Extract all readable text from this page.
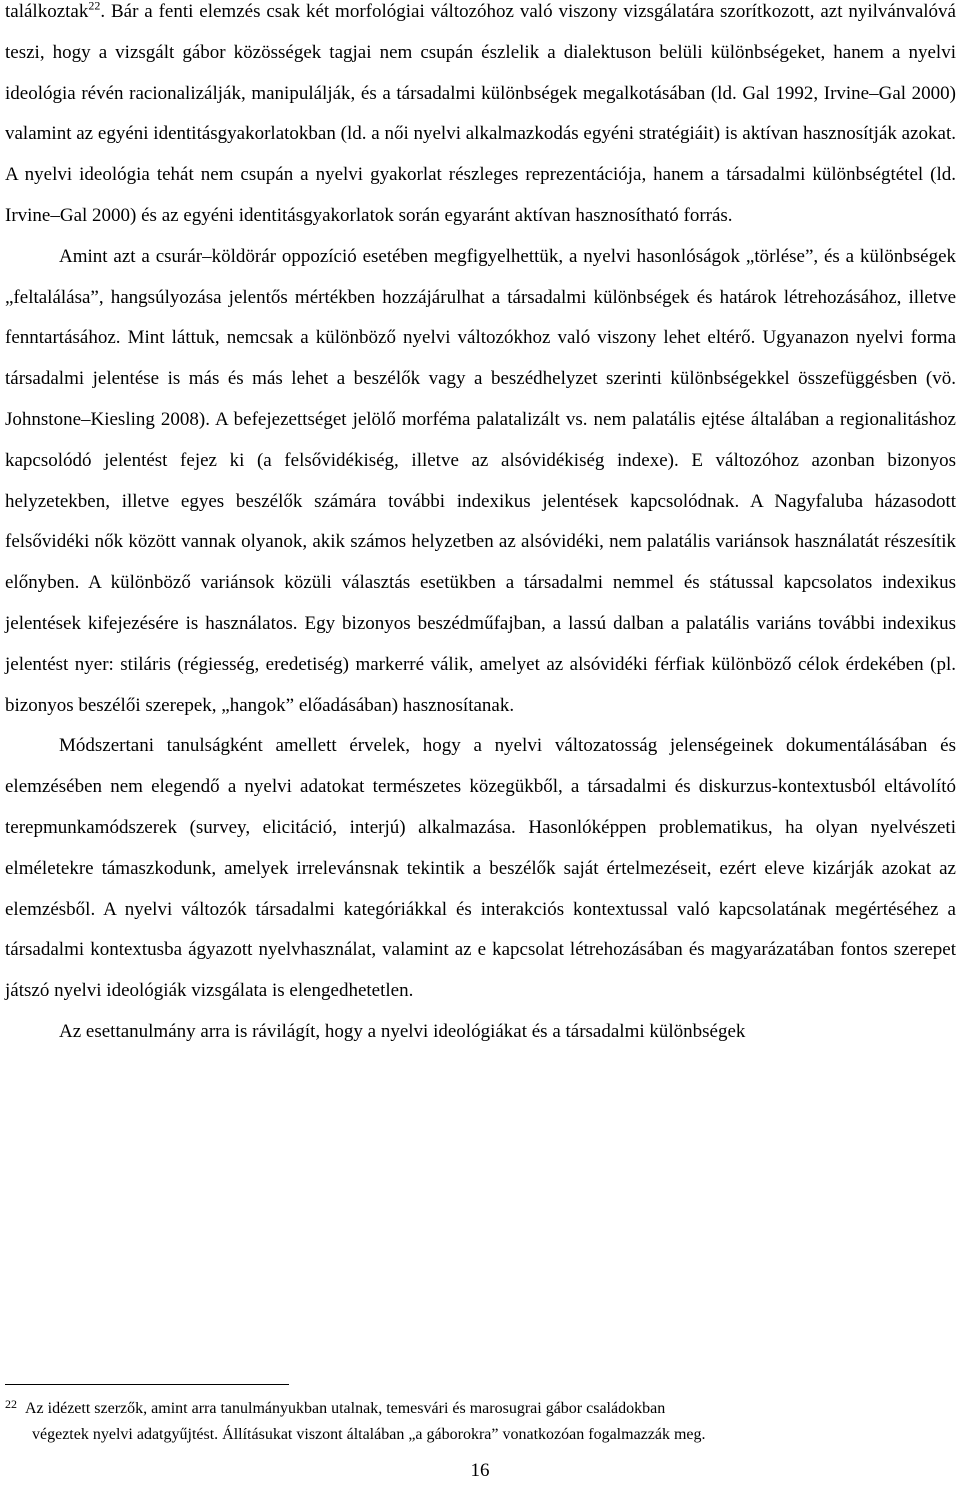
találkoztak$^{22}$. Bár a fenti elemzés csak két morfológiai változóhoz való viszony vizsgálatára szorítkozott, azt nyilvánvalóvá teszi, hogy a vizsgált gábor közösségek tagjai nem csupán észlelik a dialektuson belüli különbségeket, hanem a nyelvi ideológia révén racionalizálják, manipulálják, és a társadalmi különbségek megalkotásában (ld. Gal 1992, Irvine–Gal 2000) valamint az egyéni identitásgyakorlatokban (ld. a női nyelvi alkalmazkodás egyéni stratégiáit) is aktívan hasznosítják azokat. A nyelvi ideológia tehát nem csupán a nyelvi gyakorlat részleges reprezentációja, hanem a társadalmi különbségtétel (ld. Irvine–Gal 2000) és az egyéni identitásgyakorlatok során egyaránt aktívan hasznosítható forrás.

Amint azt a csurár–köldörár oppozíció esetében megfigyelhettük, a nyelvi hasonlóságok „törlése”, és a különbségek „feltalálása”, hangsúlyozása jelentős mértékben hozzájárulhat a társadalmi különbségek és határok létrehozásához, illetve fenntartásához. Mint láttuk, nemcsak a különböző nyelvi változókhoz való viszony lehet eltérő. Ugyanazon nyelvi forma társadalmi jelentése is más és más lehet a beszélők vagy a beszédhelyzet szerinti különbségekkel összefüggésben (vö. Johnstone–Kiesling 2008). A befejezettséget jelölő morféma palatalizált vs. nem palatális ejtése általában a regionalitáshoz kapcsolódó jelentést fejez ki (a felsővidékiség, illetve az alsóvidékiség indexe). E változóhoz azonban bizonyos helyzetekben, illetve egyes beszélők számára további indexikus jelentések kapcsolódnak. A Nagyfaluba házasodott felsővidéki nők között vannak olyanok, akik számos helyzetben az alsóvidéki, nem palatális variánsok használatát részesítik előnyben. A különböző variánsok közüli választás esetükben a társadalmi nemmel és státussal kapcsolatos indexikus jelentések kifejezésére is használatos. Egy bizonyos beszédműfajban, a lassú dalban a palatális variáns további indexikus jelentést nyer: stiláris (régiesség, eredetiség) markerré válik, amelyet az alsóvidéki férfiak különböző célok érdekében (pl. bizonyos beszélői szerepek, „hangok” előadásában) hasznosítanak.

Módszertani tanulságként amellett érvelek, hogy a nyelvi változatosság jelenségeinek dokumentálásában és elemzésében nem elegendő a nyelvi adatokat természetes közegükből, a társadalmi és diskurzus-kontextusból eltávolító terepmunkamódszerek (survey, elicitáció, interjú) alkalmazása. Hasonlóképpen problematikus, ha olyan nyelvészeti elméletekre támaszkodunk, amelyek irrelevánsnak tekintik a beszélők saját értelmezéseit, ezért eleve kizárják azokat az elemzésből. A nyelvi változók társadalmi kategóriákkal és interakciós kontextussal való kapcsolatának megértéséhez a társadalmi kontextusba ágyazott nyelvhasználat, valamint az e kapcsolat létrehozásában és magyarázatában fontos szerepet játszó nyelvi ideológiák vizsgálata is elengedhetetlen.

Az esettanulmány arra is rávilágít, hogy a nyelvi ideológiákat és a társadalmi különbségek

22 Az idézett szerzők, amint arra tanulmányukban utalnak, temesvári és marosugrai gábor családokban
végeztek nyelvi adatgyűjtést. Állításukat viszont általában „a gáborokra” vonatkozóan fogalmazzák meg.
16
